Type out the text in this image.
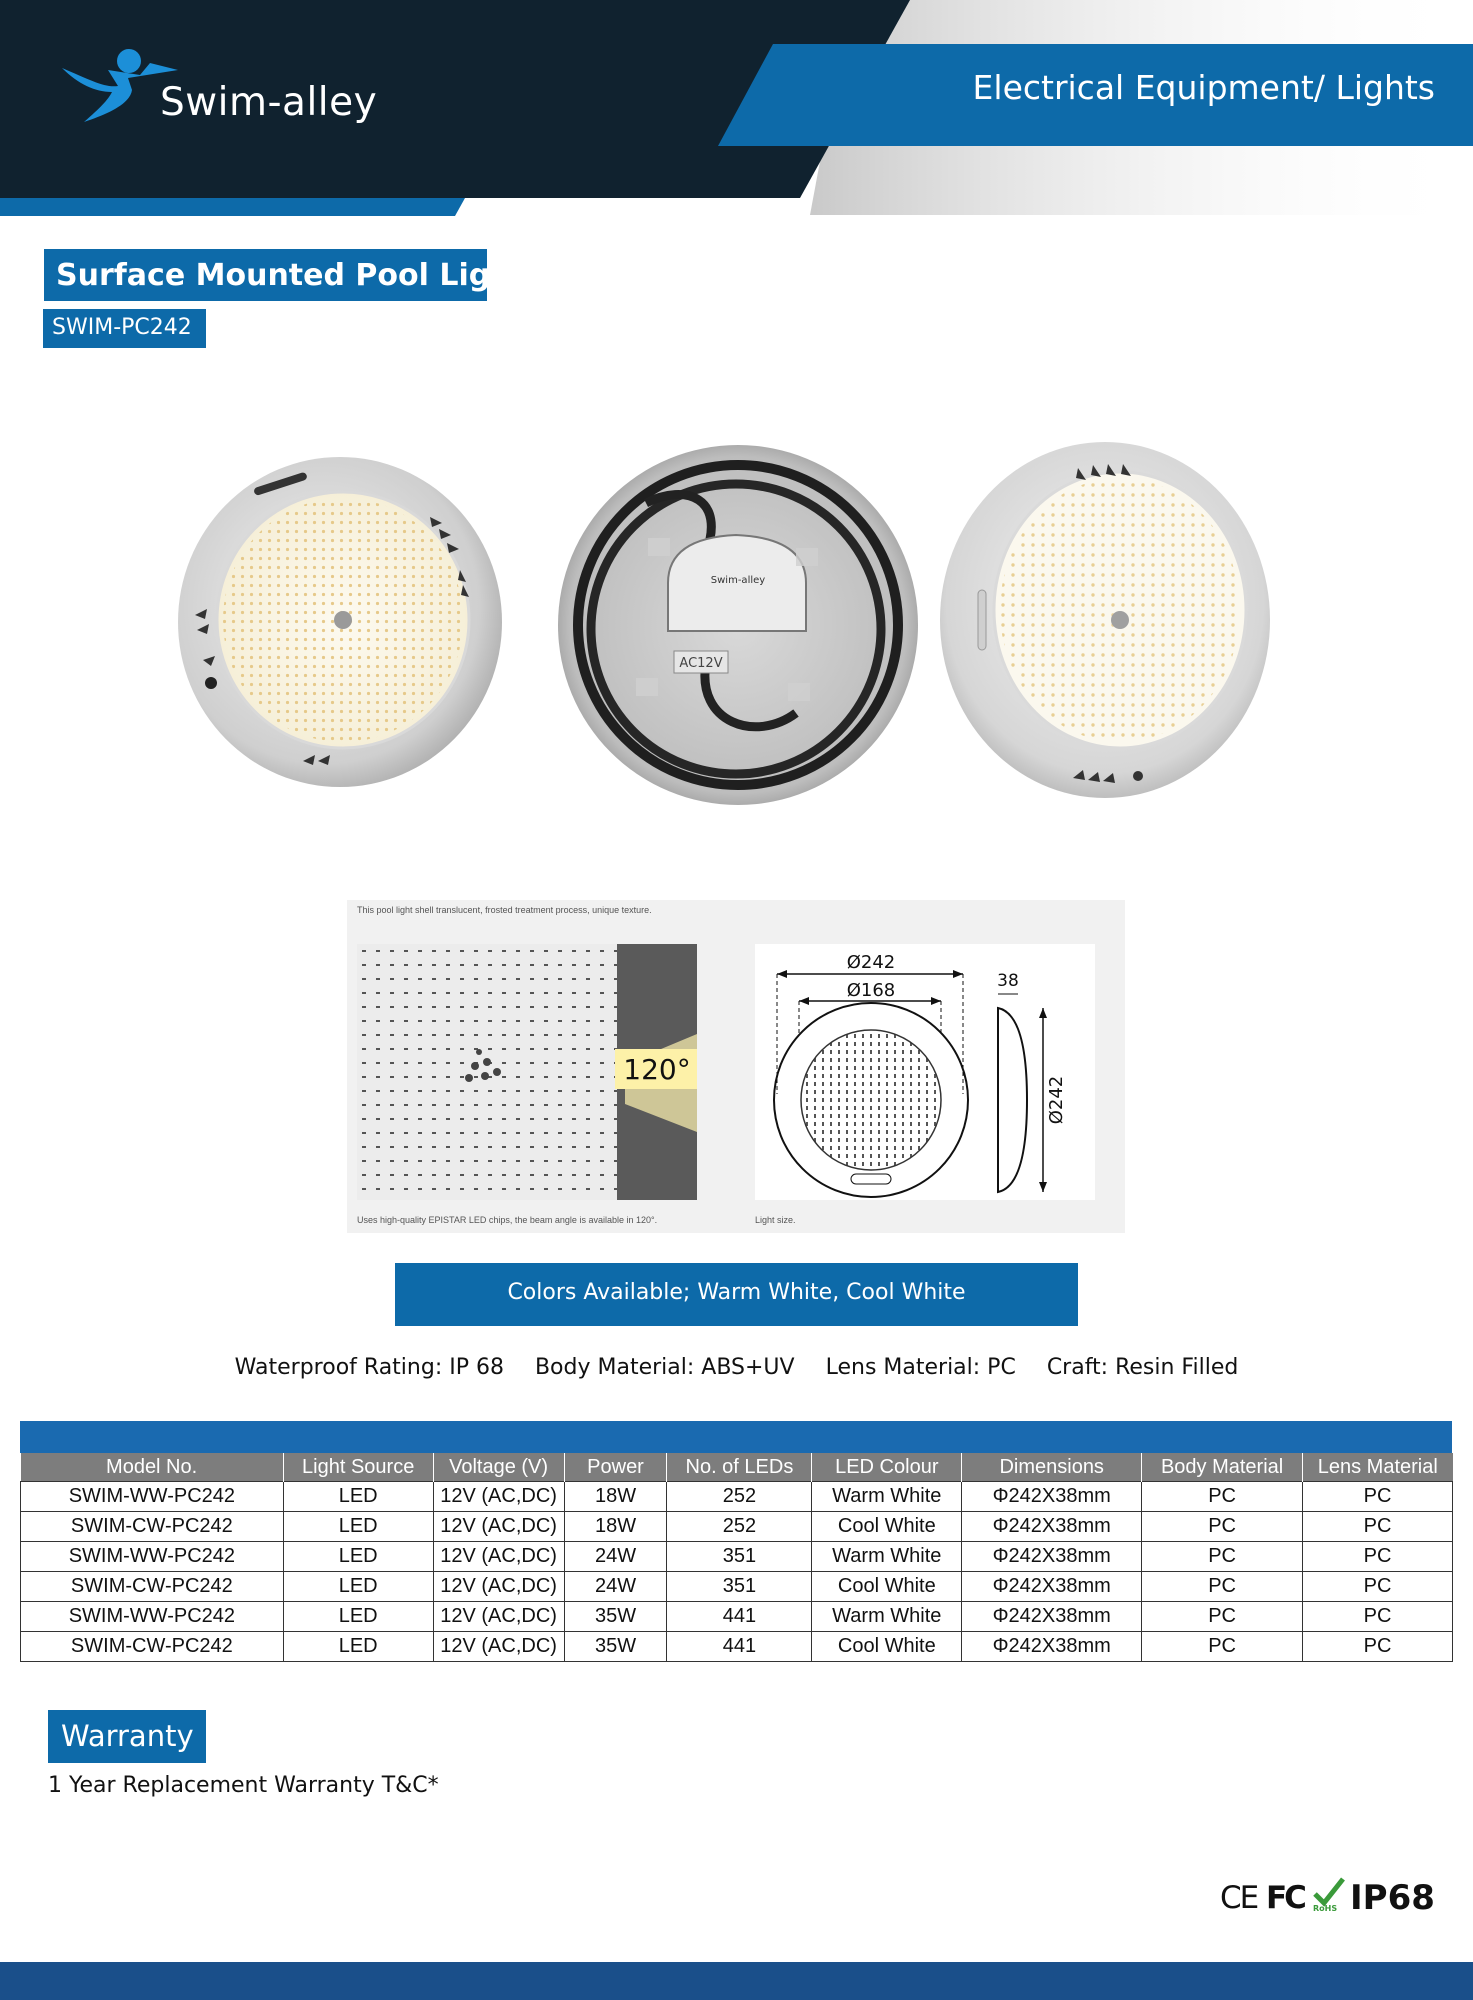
Swim-alley	Electrical Equipment/ Lights
Surface Mounted Pool Lights
SWIM-PC242
Swim-alley
AC12V
This pool light shell translucent, frosted treatment process, unique texture.
Uses high-quality EPISTAR LED chips, the beam angle is available in 120°.	Light size.
120°
Ø242
Ø168	38
Ø242
Colors Available; Warm White, Cool White
Waterproof Rating: IP 68 Body Material: ABS+UV Lens Material: PC Craft: Resin Filled
Model No.	Light Source	Voltage (V)	Power	No. of LEDs	LED Colour	Dimensions	Body Material	Lens Material
SWIM-WW-PC242	LED	12V (AC,DC)	18W	252	Warm White	Φ242X38mm	PC	PC
SWIM-CW-PC242	LED	12V (AC,DC)	18W	252	Cool White	Φ242X38mm	PC	PC
SWIM-WW-PC242	LED	12V (AC,DC)	24W	351	Warm White	Φ242X38mm	PC	PC
SWIM-CW-PC242	LED	12V (AC,DC)	24W	351	Cool White	Φ242X38mm	PC	PC
SWIM-WW-PC242	LED	12V (AC,DC)	35W	441	Warm White	Φ242X38mm	PC	PC
SWIM-CW-PC242	LED	12V (AC,DC)	35W	441	Cool White	Φ242X38mm	PC	PC
Warranty
1 Year Replacement Warranty T&C*
CE FC RoHS IP68
